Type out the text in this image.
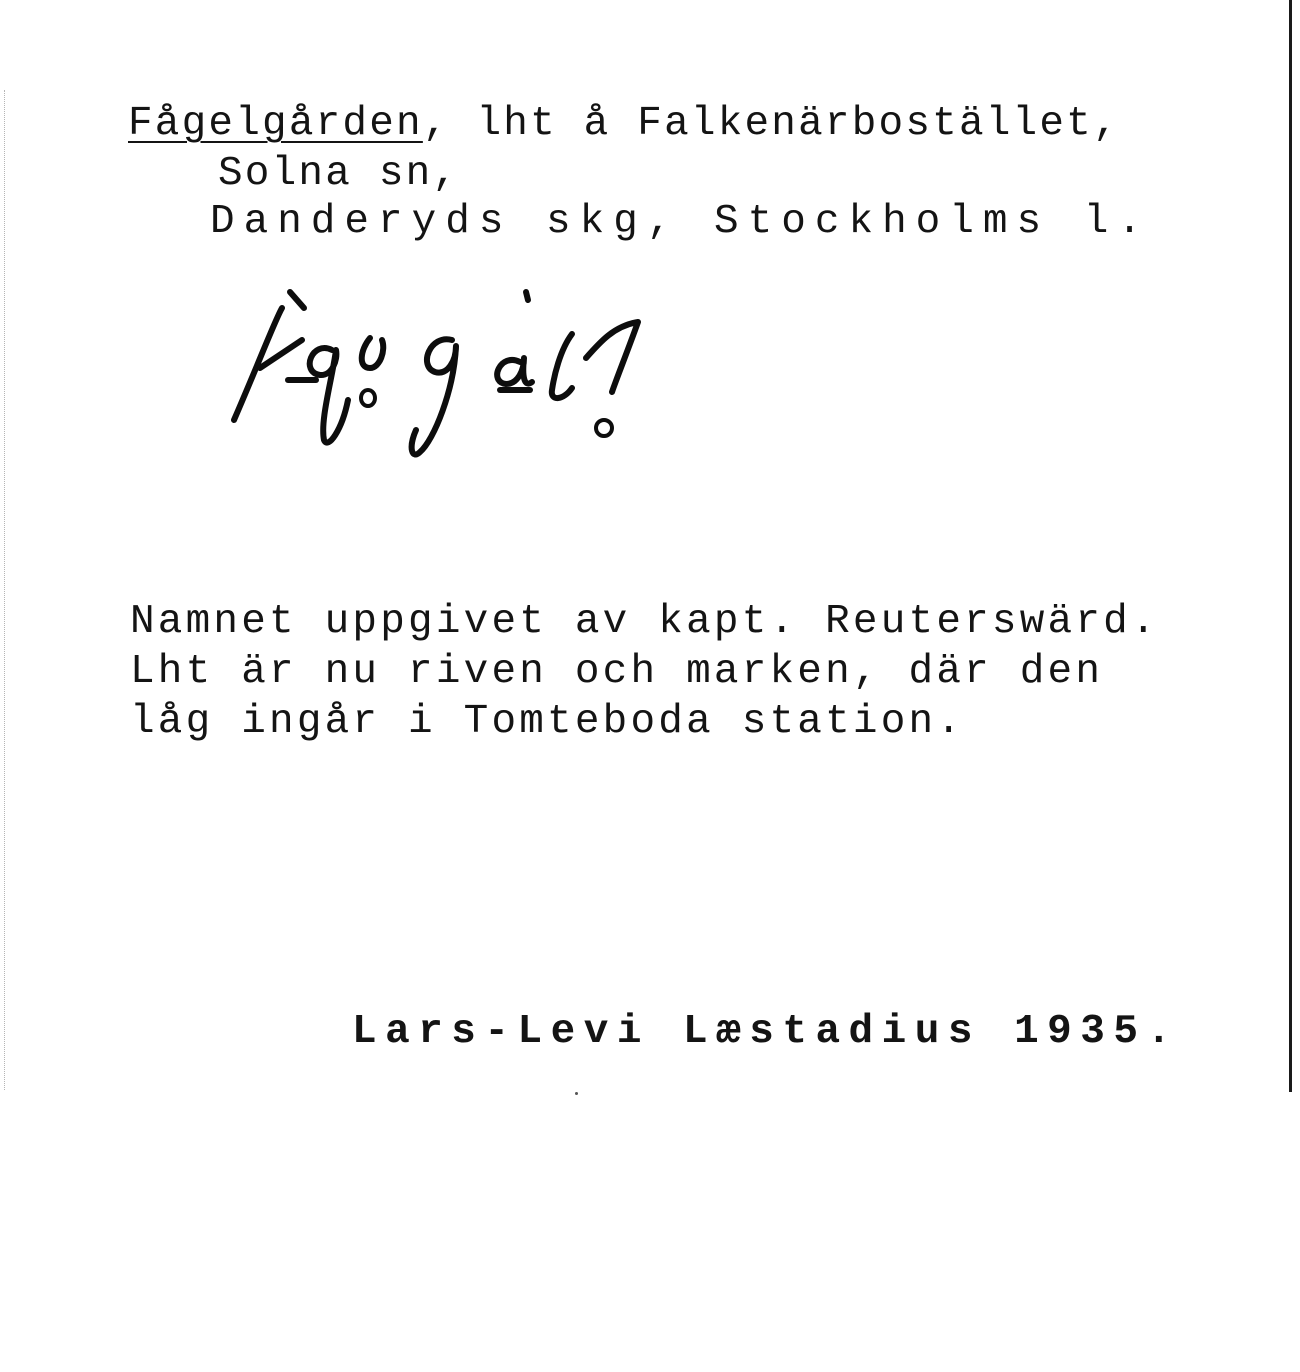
Fågelgården, lht å Falkenärbostället,
Solna sn,
Danderyds skg, Stockholms l.
Namnet uppgivet av kapt. Reuterswärd.
Lht är nu riven och marken, där den
låg ingår i Tomteboda station.
Lars-Levi Læstadius 1935.
